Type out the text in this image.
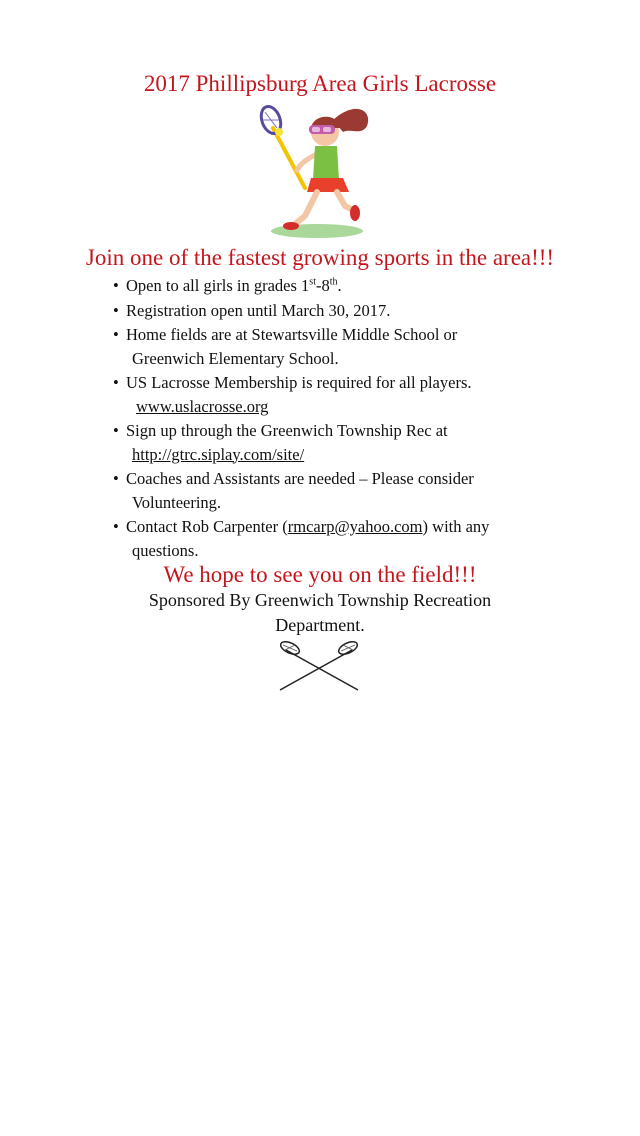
2017 Phillipsburg Area Girls Lacrosse
Join one of the fastest growing sports in the area!!!
• Open to all girls in grades 1st-8th.
• Registration open until March 30, 2017.
• Home fields are at Stewartsville Middle School or
Greenwich Elementary School.
• US Lacrosse Membership is required for all players.
www.uslacrosse.org
• Sign up through the Greenwich Township Rec at
http://gtrc.siplay.com/site/
• Coaches and Assistants are needed – Please consider
Volunteering.
• Contact Rob Carpenter (rmcarp@yahoo.com) with any
questions.
We hope to see you on the field!!!
Sponsored By Greenwich Township Recreation
Department.
